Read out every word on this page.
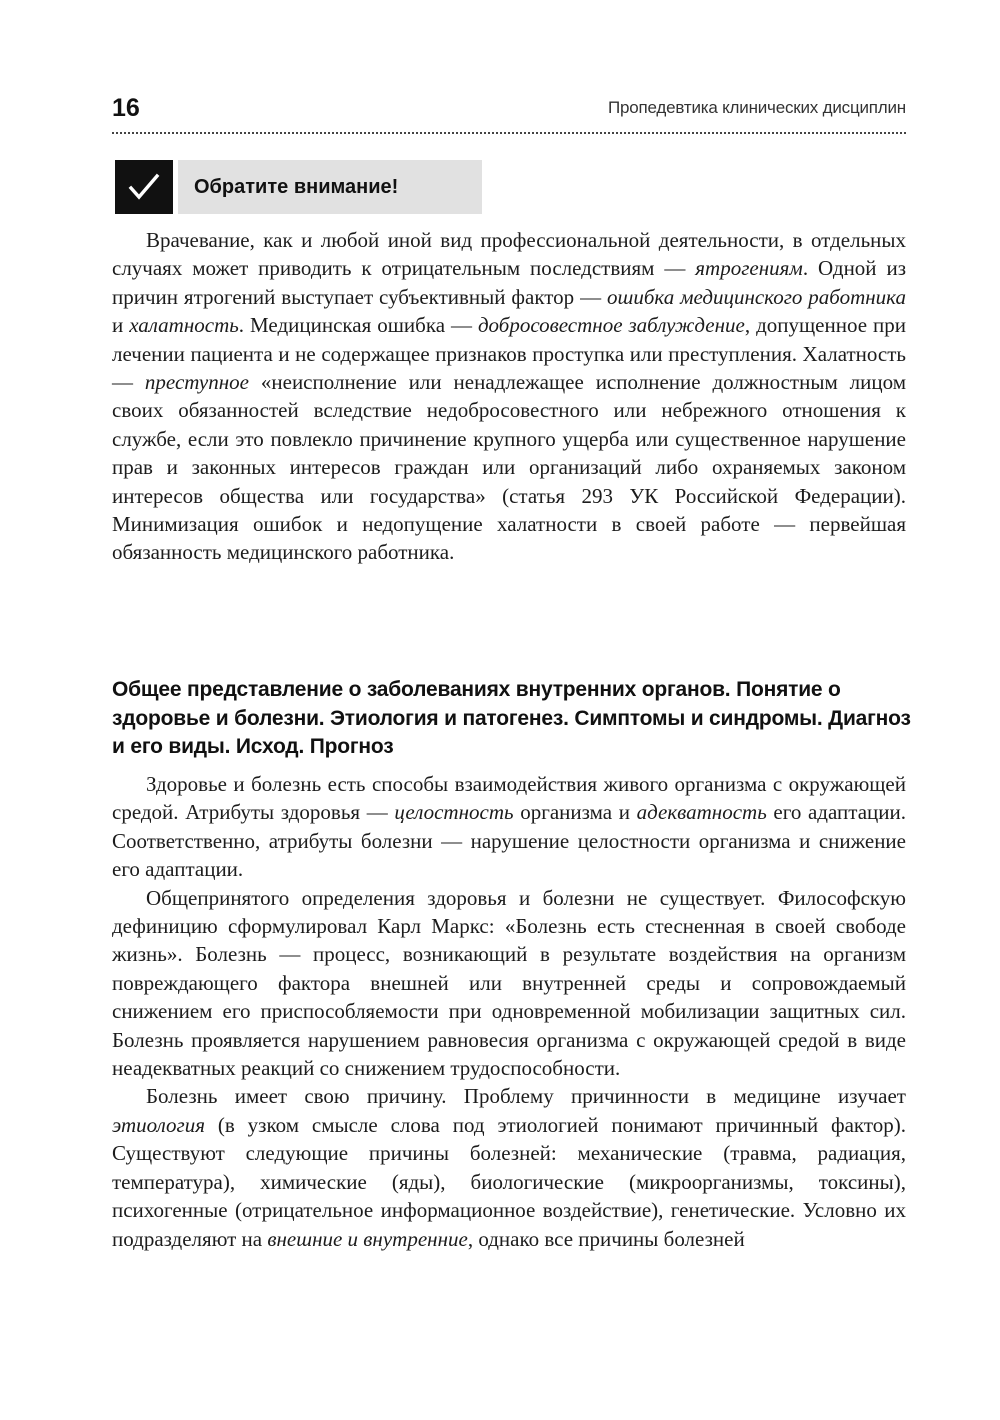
16	Пропедевтика клинических дисциплин
Обратите внимание!

Врачевание, как и любой иной вид профессиональной деятельности, в отдельных случаях может приводить к отрицательным последствиям — ятрогениям. Одной из причин ятрогений выступает субъективный фактор — ошибка медицинского работника и халатность. Медицинская ошибка — добросовестное заблуждение, допущенное при лечении пациента и не содержащее признаков проступка или преступления. Халатность — преступное «неисполнение или ненадлежащее исполнение должностным лицом своих обязанностей вследствие недобросовестного или небрежного отношения к службе, если это повлекло причинение крупного ущерба или существенное нарушение прав и законных интересов граждан или организаций либо охраняемых законом интересов общества или государства» (статья 293 УК Российской Федерации). Минимизация ошибок и недопущение халатности в своей работе — первейшая обязанность медицинского работника.

Общее представление о заболеваниях внутренних органов. Понятие о здоровье и болезни. Этиология и патогенез. Симптомы и синдромы. Диагноз и его виды. Исход. Прогноз

Здоровье и болезнь есть способы взаимодействия живого организма с окружающей средой. Атрибуты здоровья — целостность организма и адекватность его адаптации. Соответственно, атрибуты болезни — нарушение целостности организма и снижение его адаптации.

Общепринятого определения здоровья и болезни не существует. Философскую дефиницию сформулировал Карл Маркс: «Болезнь есть стесненная в своей свободе жизнь». Болезнь — процесс, возникающий в результате воздействия на организм повреждающего фактора внешней или внутренней среды и сопровождаемый снижением его приспособляемости при одновременной мобилизации защитных сил. Болезнь проявляется нарушением равновесия организма с окружающей средой в виде неадекватных реакций со снижением трудоспособности.

Болезнь имеет свою причину. Проблему причинности в медицине изучает этиология (в узком смысле слова под этиологией понимают причинный фактор). Существуют следующие причины болезней: механические (травма, радиация, температура), химические (яды), биологические (микроорганизмы, токсины), психогенные (отрицательное информационное воздействие), генетические. Условно их подразделяют на внешние и внутренние, однако все причины болезней
